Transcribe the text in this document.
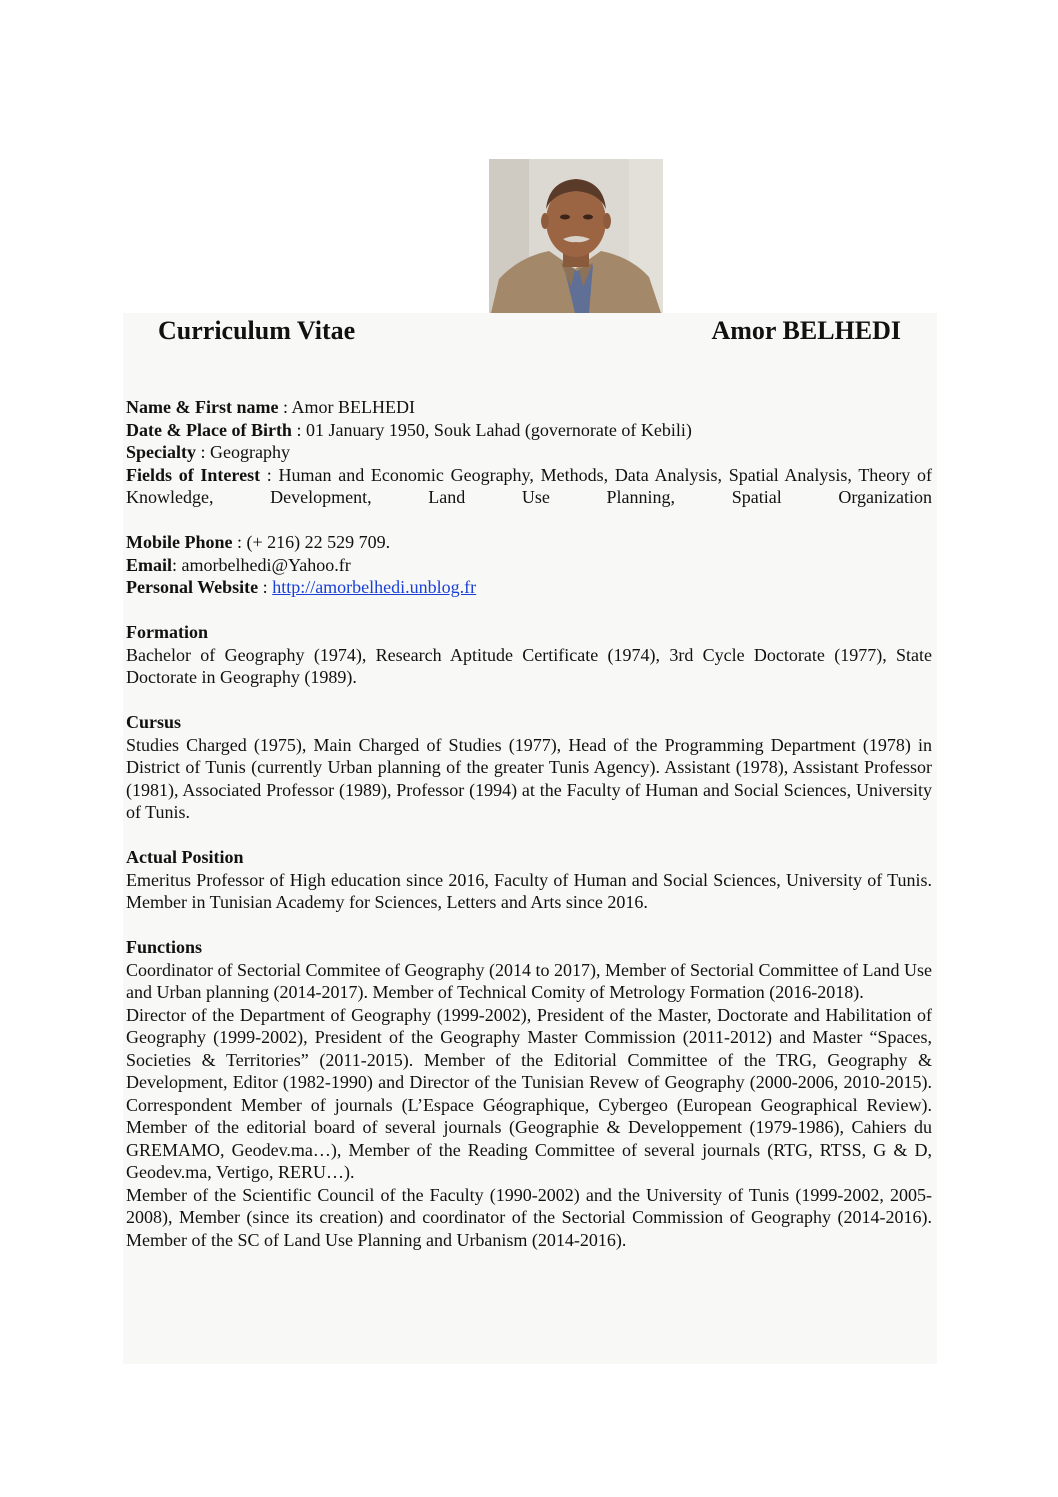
Curriculum Vitae	Amor BELHEDI

Name & First name : Amor BELHEDI

Date & Place of Birth : 01 January 1950, Souk Lahad (governorate of Kebili)

Specialty : Geography

Fields of Interest : Human and Economic Geography, Methods, Data Analysis, Spatial Analysis, Theory of Knowledge, Development, Land Use Planning, Spatial Organization

Mobile Phone : (+ 216) 22 529 709.

Email: amorbelhedi@Yahoo.fr

Personal Website : http://amorbelhedi.unblog.fr

Formation

Bachelor of Geography (1974), Research Aptitude Certificate (1974), 3rd Cycle Doctorate (1977), State Doctorate in Geography (1989).

Cursus

Studies Charged (1975), Main Charged of Studies (1977), Head of the Programming Department (1978) in District of Tunis (currently Urban planning of the greater Tunis Agency). Assistant (1978), Assistant Professor (1981), Associated Professor (1989), Professor (1994) at the Faculty of Human and Social Sciences, University of Tunis.

Actual Position

Emeritus Professor of High education since 2016, Faculty of Human and Social Sciences, University of Tunis. Member in Tunisian Academy for Sciences, Letters and Arts since 2016.

Functions

Coordinator of Sectorial Commitee of Geography (2014 to 2017), Member of Sectorial Committee of Land Use and Urban planning (2014-2017). Member of Technical Comity of Metrology Formation (2016-2018).

Director of the Department of Geography (1999-2002), President of the Master, Doctorate and Habilitation of Geography (1999-2002), President of the Geography Master Commission (2011-2012) and Master “Spaces, Societies & Territories” (2011-2015). Member of the Editorial Committee of the TRG, Geography & Development, Editor (1982-1990) and Director of the Tunisian Revew of Geography (2000-2006, 2010-2015). Correspondent Member of journals (L’Espace Géographique, Cybergeo (European Geographical Review). Member of the editorial board of several journals (Geographie & Developpement (1979-1986), Cahiers du GREMAMO, Geodev.ma…), Member of the Reading Committee of several journals (RTG, RTSS, G & D, Geodev.ma, Vertigo, RERU…).

Member of the Scientific Council of the Faculty (1990-2002) and the University of Tunis (1999-2002, 2005-2008), Member (since its creation) and coordinator of the Sectorial Commission of Geography (2014-2016). Member of the SC of Land Use Planning and Urbanism (2014-2016).
